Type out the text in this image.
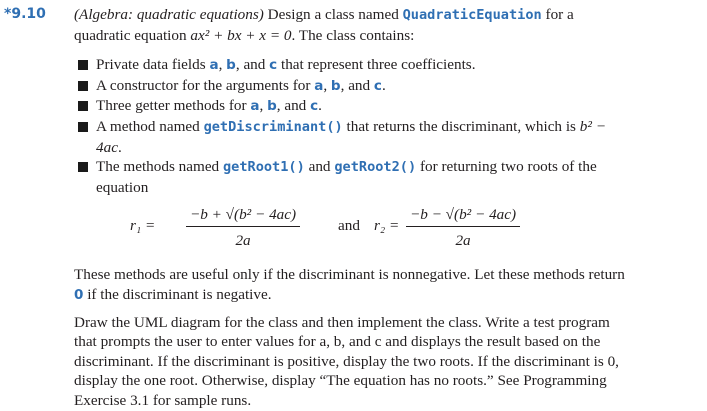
*9.10 (Algebra: quadratic equations) Design a class named QuadraticEquation for a quadratic equation ax² + bx + x = 0. The class contains:

Private data fields a, b, and c that represent three coefficients.
A constructor for the arguments for a, b, and c.
Three getter methods for a, b, and c.
A method named getDiscriminant() that returns the discriminant, which is b² − 4ac.
The methods named getRoot1() and getRoot2() for returning two roots of the equation
$r_1 = \frac{\text{−b + √(b² − 4ac)}}{2a}$ and $r_2 = \frac{\text{−b − √(b² − 4ac)}}{2a}$

These methods are useful only if the discriminant is nonnegative. Let these methods return 0 if the discriminant is negative.

Draw the UML diagram for the class and then implement the class. Write a test program that prompts the user to enter values for a, b, and c and displays the result based on the discriminant. If the discriminant is positive, display the two roots. If the discriminant is 0, display the one root. Otherwise, display “The equation has no roots.” See Programming Exercise 3.1 for sample runs.
